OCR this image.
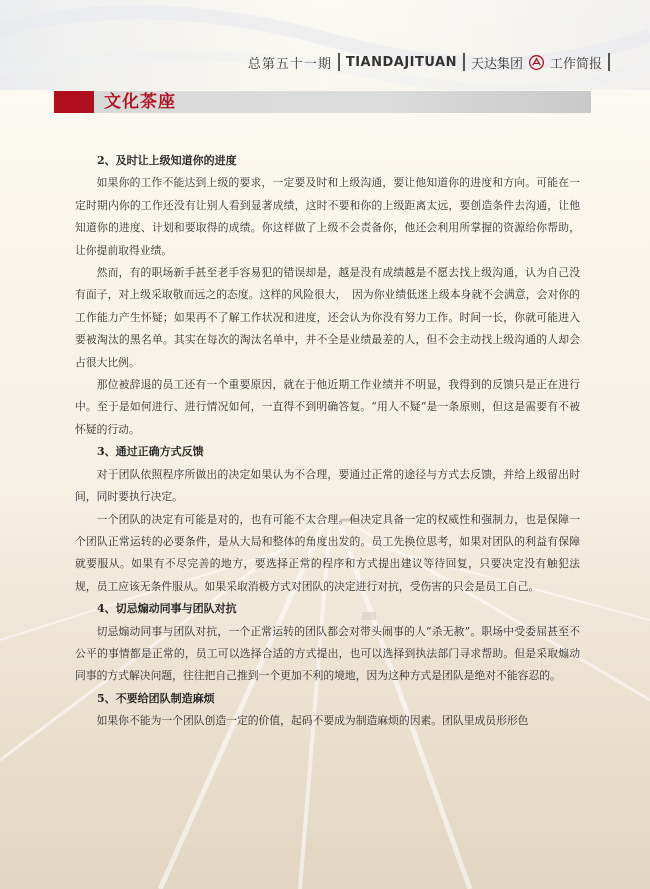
总第五十一期 TIANDAJITUAN 天达集团 工作简报
文化茶座
2、及时让上级知道你的进度

如果你的工作不能达到上级的要求，一定要及时和上级沟通，要让他知道你的进度和方向。可能在一定时期内你的工作还没有让别人看到显著成绩，这时不要和你的上级距离太远，要创造条件去沟通，让他知道你的进度、计划和要取得的成绩。你这样做了上级不会责备你，他还会利用所掌握的资源给你帮助，让你提前取得业绩。

然而，有的职场新手甚至老手容易犯的错误却是，越是没有成绩越是不愿去找上级沟通，认为自己没有面子，对上级采取敬而远之的态度。这样的风险很大，　因为你业绩低迷上级本身就不会满意，会对你的工作能力产生怀疑；如果再不了解工作状况和进度，还会认为你没有努力工作。时间一长，你就可能进入要被淘汰的黑名单。其实在每次的淘汰名单中，并不全是业绩最差的人，但不会主动找上级沟通的人却会占很大比例。

那位被辞退的员工还有一个重要原因，就在于他近期工作业绩并不明显，我得到的反馈只是正在进行中。至于是如何进行、进行情况如何，一直得不到明确答复。“用人不疑”是一条原则，但这是需要有不被怀疑的行动。

3、通过正确方式反馈

对于团队依照程序所做出的决定如果认为不合理，要通过正常的途径与方式去反馈，并给上级留出时间，同时要执行决定。

一个团队的决定有可能是对的，也有可能不太合理。但决定具备一定的权威性和强制力，也是保障一个团队正常运转的必要条件，是从大局和整体的角度出发的。员工先换位思考，如果对团队的利益有保障就要服从。如果有不尽完善的地方，要选择正常的程序和方式提出建议等待回复，只要决定没有触犯法规，员工应该无条件服从。如果采取消极方式对团队的决定进行对抗，受伤害的只会是员工自己。

4、切忌煽动同事与团队对抗

切忌煽动同事与团队对抗，一个正常运转的团队都会对带头闹事的人“杀无赦”。职场中受委屈甚至不公平的事情都是正常的，员工可以选择合适的方式提出，也可以选择到执法部门寻求帮助。但是采取煽动同事的方式解决问题，往往把自己推到一个更加不利的境地，因为这种方式是团队是绝对不能容忍的。

5、不要给团队制造麻烦

如果你不能为一个团队创造一定的价值，起码不要成为制造麻烦的因素。团队里成员形形色
